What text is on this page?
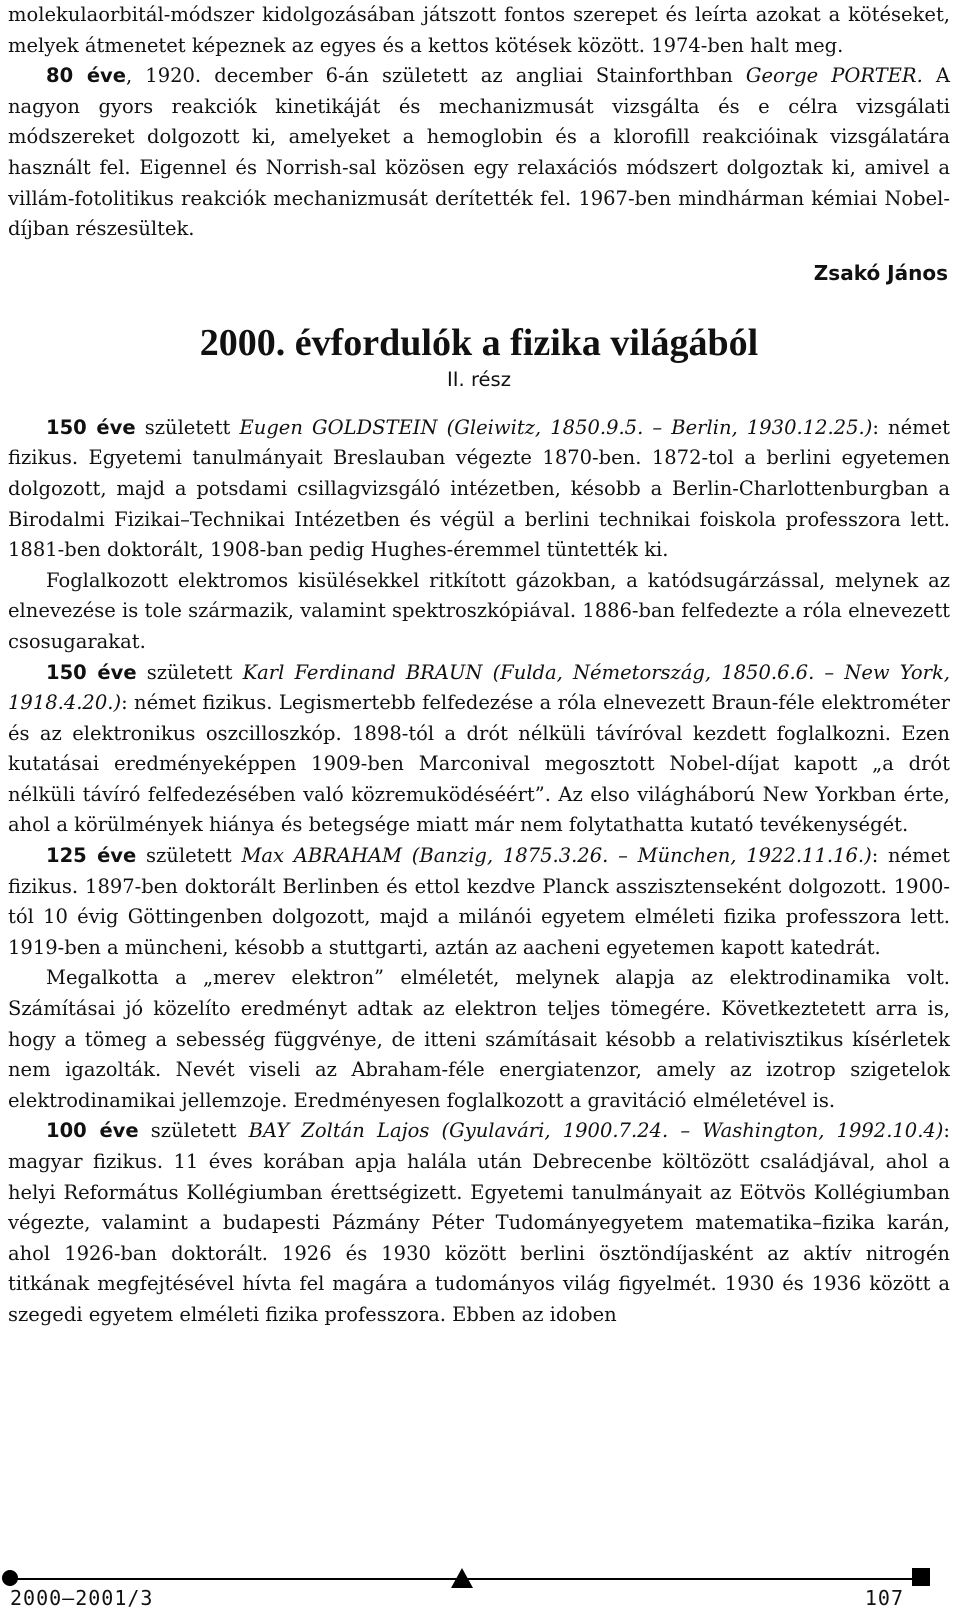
molekulaorbitál-módszer kidolgozásában játszott fontos szerepet és leírta azokat a kötéseket, melyek átmenetet képeznek az egyes és a kettos kötések között. 1974-ben halt meg.

80 éve, 1920. december 6-án született az angliai Stainforthban George PORTER. A nagyon gyors reakciók kinetikáját és mechanizmusát vizsgálta és e célra vizsgálati módszereket dolgozott ki, amelyeket a hemoglobin és a klorofill reakcióinak vizsgálatára használt fel. Eigennel és Norrish-sal közösen egy relaxációs módszert dolgoztak ki, amivel a villám-fotolitikus reakciók mechanizmusát derítették fel. 1967-ben mindhárman kémiai Nobel-díjban részesültek.

Zsakó János
2000. évfordulók a fizika világából
II. rész

150 éve született Eugen GOLDSTEIN (Gleiwitz, 1850.9.5. – Berlin, 1930.12.25.): német fizikus. Egyetemi tanulmányait Breslauban végezte 1870-ben. 1872-tol a berlini egyetemen dolgozott, majd a potsdami csillagvizsgáló intézetben, késobb a Berlin-Charlottenburgban a Birodalmi Fizikai–Technikai Intézetben és végül a berlini technikai foiskola professzora lett. 1881-ben doktorált, 1908-ban pedig Hughes-éremmel tüntették ki.

Foglalkozott elektromos kisülésekkel ritkított gázokban, a katódsugárzással, melynek az elnevezése is tole származik, valamint spektroszkópiával. 1886-ban felfedezte a róla elnevezett csosugarakat.

150 éve született Karl Ferdinand BRAUN (Fulda, Németország, 1850.6.6. – New York, 1918.4.20.): német fizikus. Legismertebb felfedezése a róla elnevezett Braun-féle elektrométer és az elektronikus oszcilloszkóp. 1898-tól a drót nélküli távíróval kezdett foglalkozni. Ezen kutatásai eredményeképpen 1909-ben Marconival megosztott Nobel-díjat kapott „a drót nélküli távíró felfedezésében való közremuködéséért”. Az elso világháború New Yorkban érte, ahol a körülmények hiánya és betegsége miatt már nem folytathatta kutató tevékenységét.

125 éve született Max ABRAHAM (Banzig, 1875.3.26. – München, 1922.11.16.): német fizikus. 1897-ben doktorált Berlinben és ettol kezdve Planck asszisztenseként dolgozott. 1900-tól 10 évig Göttingenben dolgozott, majd a milánói egyetem elméleti fizika professzora lett. 1919-ben a müncheni, késobb a stuttgarti, aztán az aacheni egyetemen kapott katedrát.

Megalkotta a „merev elektron” elméletét, melynek alapja az elektrodinamika volt. Számításai jó közelíto eredményt adtak az elektron teljes tömegére. Következtetett arra is, hogy a tömeg a sebesség függvénye, de itteni számításait késobb a relativisztikus kísérletek nem igazolták. Nevét viseli az Abraham-féle energiatenzor, amely az izotrop szigetelok elektrodinamikai jellemzoje. Eredményesen foglalkozott a gravitáció elméletével is.

100 éve született BAY Zoltán Lajos (Gyulavári, 1900.7.24. – Washington, 1992.10.4): magyar fizikus. 11 éves korában apja halála után Debrecenbe költözött családjával, ahol a helyi Református Kollégiumban érettségizett. Egyetemi tanulmányait az Eötvös Kollégiumban végezte, valamint a budapesti Pázmány Péter Tudományegyetem matematika–fizika karán, ahol 1926-ban doktorált. 1926 és 1930 között berlini ösztöndíjasként az aktív nitrogén titkának megfejtésével hívta fel magára a tudományos világ figyelmét. 1930 és 1936 között a szegedi egyetem elméleti fizika professzora. Ebben az idoben

2000–2001/3	107
